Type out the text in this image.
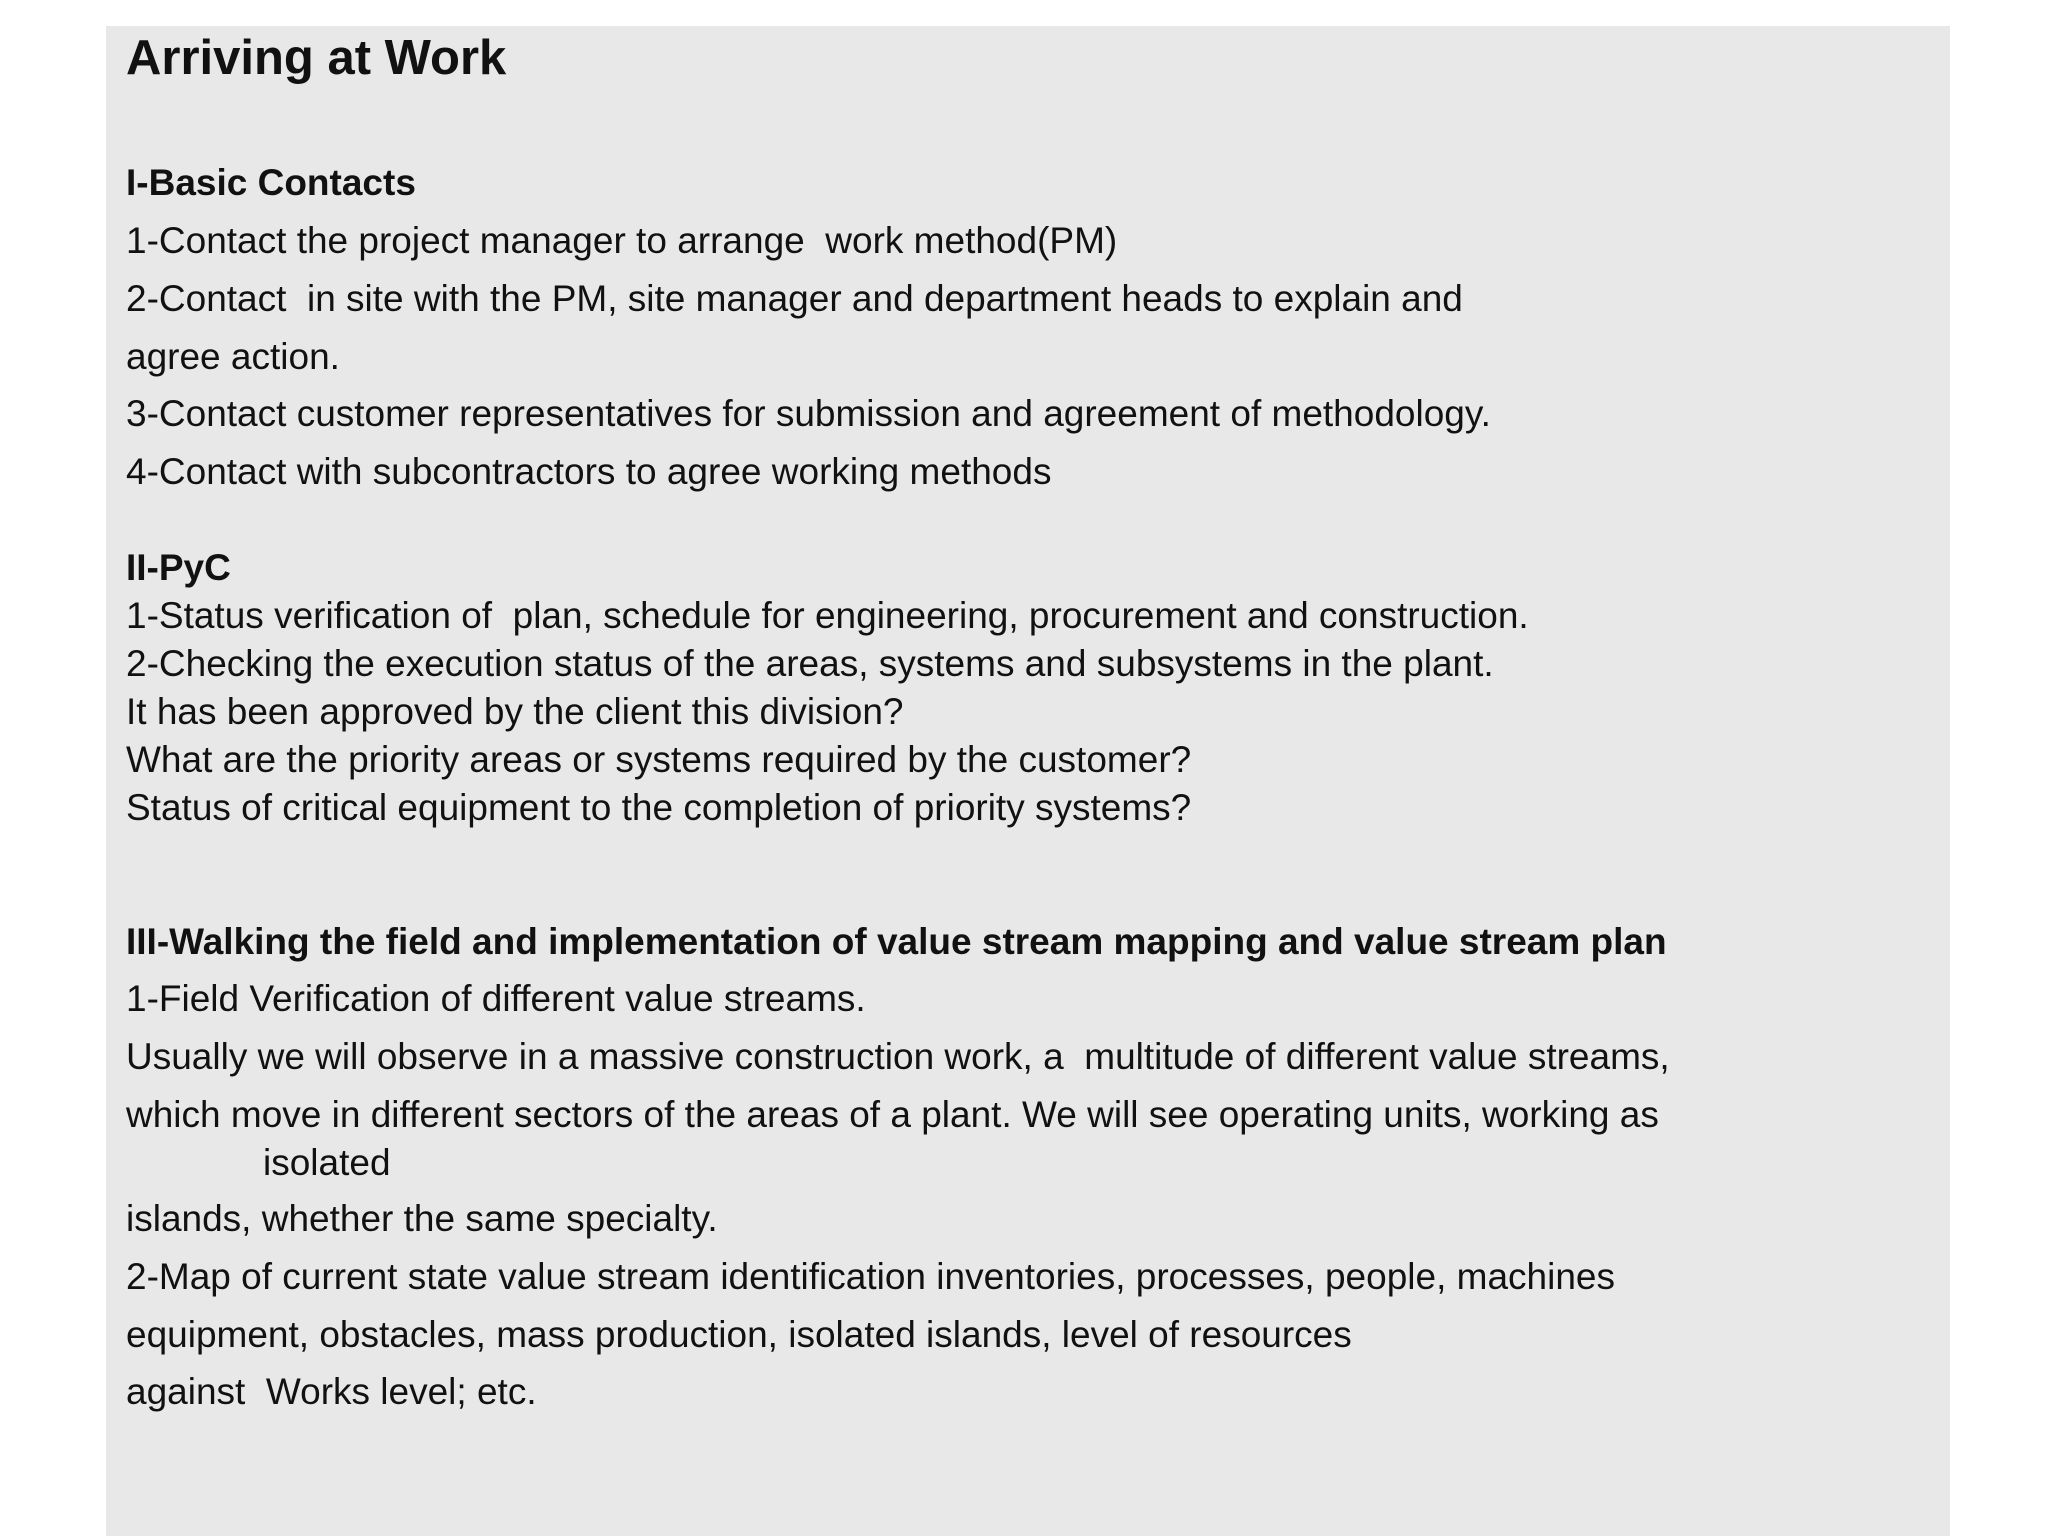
Arriving at Work
I-Basic Contacts
1-Contact the project manager to arrange  work method(PM)
2-Contact  in site with the PM, site manager and department heads to explain and
agree action.
3-Contact customer representatives for submission and agreement of methodology.
4-Contact with subcontractors to agree working methods
II-PyC
1-Status verification of  plan, schedule for engineering, procurement and construction.
2-Checking the execution status of the areas, systems and subsystems in the plant.
It has been approved by the client this division?
What are the priority areas or systems required by the customer?
Status of critical equipment to the completion of priority systems?
III-Walking the field and implementation of value stream mapping and value stream plan
1-Field Verification of different value streams.
Usually we will observe in a massive construction work, a  multitude of different value streams,
which move in different sectors of the areas of a plant. We will see operating units, working as
isolated
islands, whether the same specialty.
2-Map of current state value stream identification inventories, processes, people, machines
equipment, obstacles, mass production, isolated islands, level of resources
against  Works level; etc.
